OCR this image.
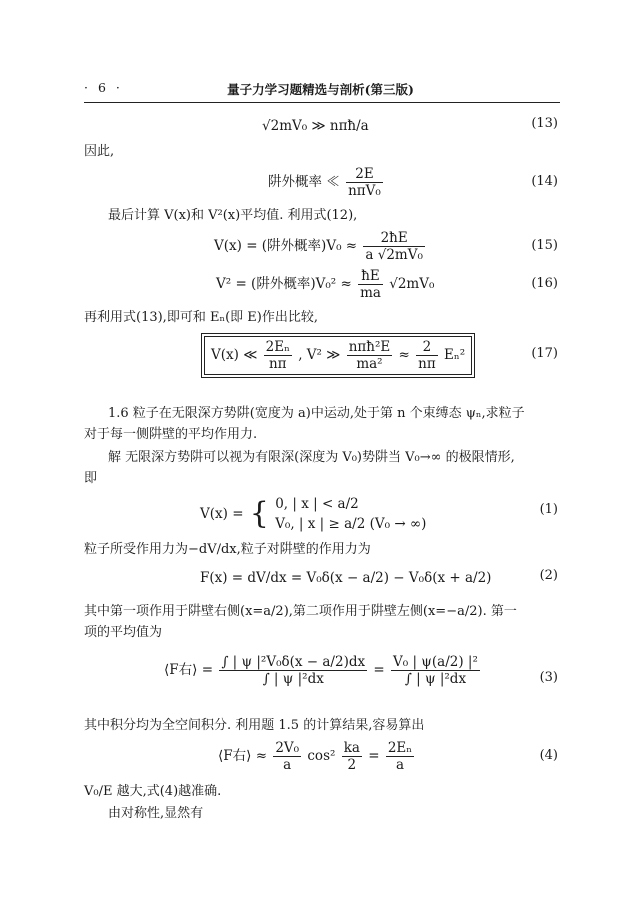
· 6 ·	量子力学习题精选与剖析(第三版)
√2mV₀ ≫ nπħ/a	(13)
因此,
阱外概率 ≪ $\frac{2E}{\text{nπV₀}}$	(14)
最后计算 V(x)和 V²(x)平均值. 利用式(12),
V(x) = (阱外概率)$V_0 \approx \frac{2ħE}{\text{a √2mV₀}}$	(15)
V² = (阱外概率)$V_0^2 \approx \frac{ħE}{ma} √2mV_0$	(16)
再利用式(13),即可和 Eₙ(即 E)作出比较,
V(x) ≪ $\frac{\text{2Eₙ}}{n\pi}$ , V² ≫ $\frac{\text{nπħ²E}}{\text{ma²}} \approx \frac{2}{n\pi} E_n^2$	(17)
1.6 粒子在无限深方势阱(宽度为 a)中运动,处于第 n 个束缚态 ψₙ,求粒子
对于每一侧阱壁的平均作用力.
解 无限深方势阱可以视为有限深(深度为 V₀)势阱当 V₀→∞ 的极限情形,
即
V(x) = { 0, | x | < a/2
V₀, | x | ≥ a/2 (V₀ → ∞)
(1)
粒子所受作用力为−dV/dx,粒子对阱壁的作用力为
F(x) = dV/dx = V₀δ(x − a/2) − V₀δ(x + a/2)	(2)
其中第一项作用于阱壁右侧(x=a/2),第二项作用于阱壁左侧(x=−a/2). 第一
项的平均值为
⟨F右⟩ = $\frac{\text{∫ | ψ |²V₀δ(x − a/2)dx}}{\text{∫ | ψ |²dx}} = \frac{\text{V₀ | ψ(a/2) |²}}{\text{∫ | ψ |²dx}}$	(3)
其中积分均为全空间积分. 利用题 1.5 的计算结果,容易算出
⟨F右⟩ ≈ $\frac{\text{2V₀}}{a} \cos^2 \frac{ka}{2} = \frac{\text{2Eₙ}}{a}$	(4)
V₀/E 越大,式(4)越准确.
由对称性,显然有
